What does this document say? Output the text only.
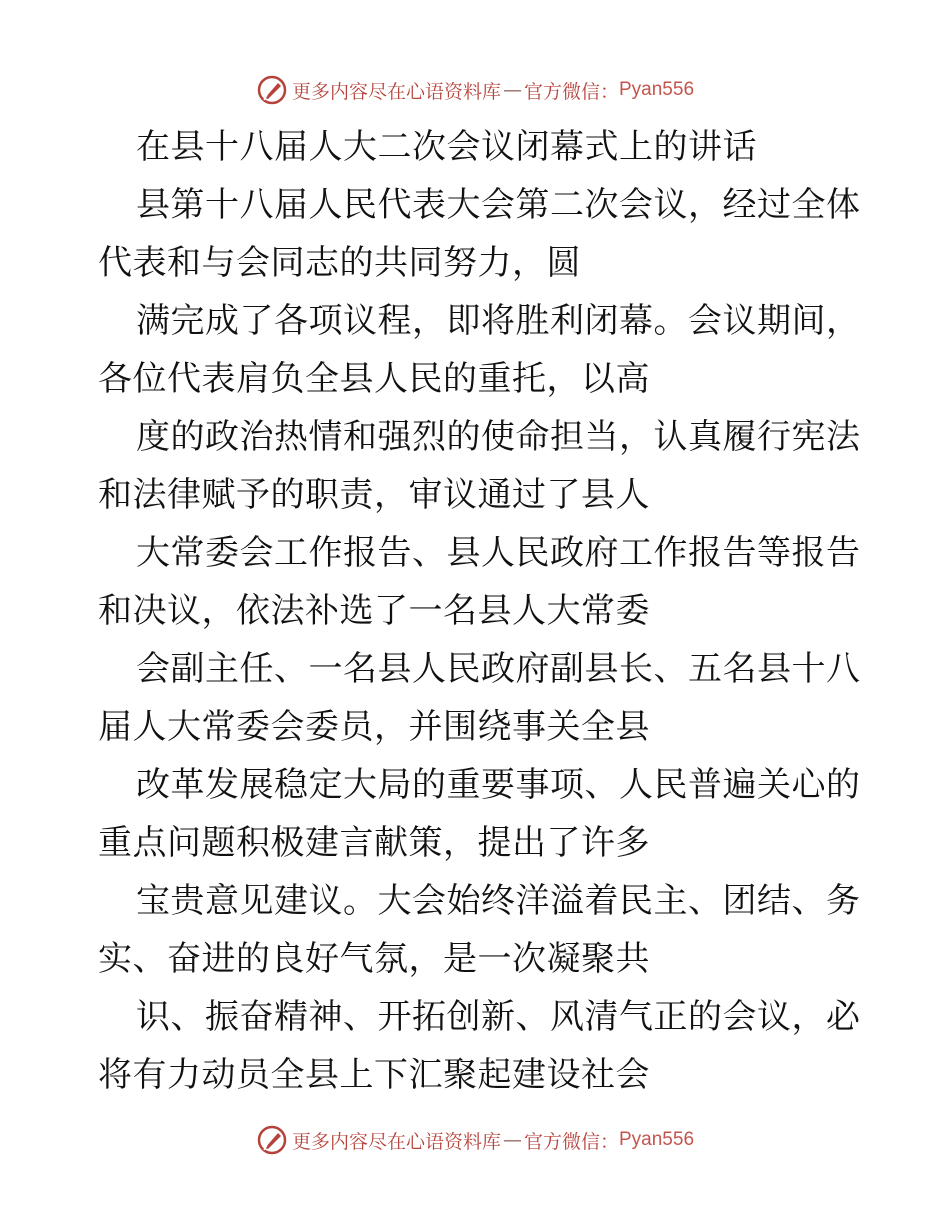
更多内容尽在心语资料库 — 官方微信： Pyan556
在县十八届人大二次会议闭幕式上的讲话
县第十八届人民代表大会第二次会议，经过全体
代表和与会同志的共同努力，圆
满完成了各项议程，即将胜利闭幕。会议期间，
各位代表肩负全县人民的重托，以高
度的政治热情和强烈的使命担当，认真履行宪法
和法律赋予的职责，审议通过了县人
大常委会工作报告、县人民政府工作报告等报告
和决议，依法补选了一名县人大常委
会副主任、一名县人民政府副县长、五名县十八
届人大常委会委员，并围绕事关全县
改革发展稳定大局的重要事项、人民普遍关心的
重点问题积极建言献策，提出了许多
宝贵意见建议。大会始终洋溢着民主、团结、务
实、奋进的良好气氛，是一次凝聚共
识、振奋精神、开拓创新、风清气正的会议，必
将有力动员全县上下汇聚起建设社会
更多内容尽在心语资料库 — 官方微信： Pyan556
